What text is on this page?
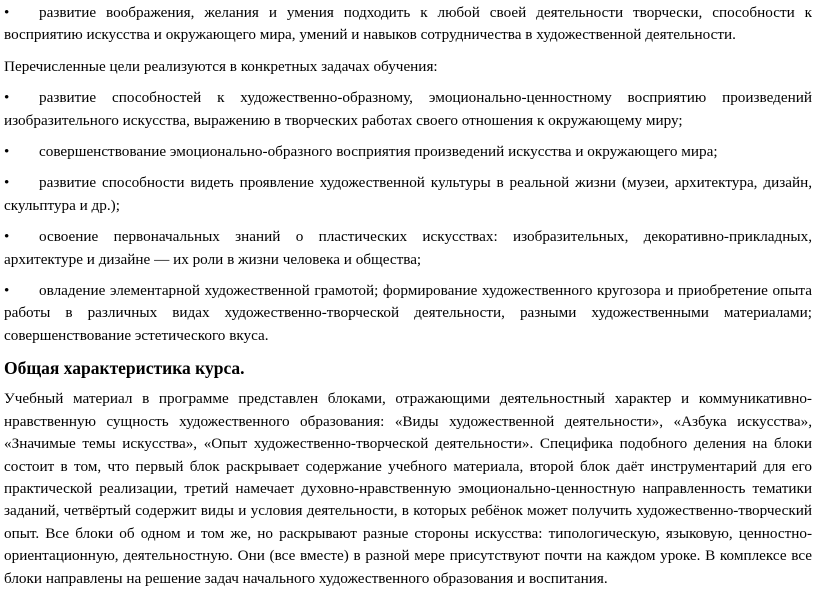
• развитие воображения, желания и умения подходить к любой своей деятельности творчески, способности к восприятию искусства и окружающего мира, умений и навыков сотрудничества в художественной деятельности.

Перечисленные цели реализуются в конкретных задачах обучения:

• развитие способностей к художественно-образному, эмоционально-ценностному восприятию произведений изобразительного искусства, выражению в творческих работах своего отношения к окружающему миру;

• совершенствование эмоционально-образного восприятия произведений искусства и окружающего мира;

• развитие способности видеть проявление художественной культуры в реальной жизни (музеи, архитектура, дизайн, скульптура и др.);

• освоение первоначальных знаний о пластических искусствах: изобразительных, декоративно-прикладных, архитектуре и дизайне — их роли в жизни человека и общества;

• овладение элементарной художественной грамотой; формирование художественного кругозора и приобретение опыта работы в различных видах художественно-творческой деятельности, разными художественными материалами; совершенствование эстетического вкуса.

Общая характеристика курса.

Учебный материал в программе представлен блоками, отражающими деятельностный характер и коммуникативно-нравственную сущность художественного образования: «Виды художественной деятельности», «Азбука искусства», «Значимые темы искусства», «Опыт художественно-творческой деятельности». Специфика подобного деления на блоки состоит в том, что первый блок раскрывает содержание учебного материала, второй блок даёт инструментарий для его практической реализации, третий намечает духовно-нравственную эмоционально-ценностную направленность тематики заданий, четвёртый содержит виды и условия деятельности, в которых ребёнок может получить художественно-творческий опыт. Все блоки об одном и том же, но раскрывают разные стороны искусства: типологическую, языковую, ценностно-ориентационную, деятельностную. Они (все вместе) в разной мере присутствуют почти на каждом уроке. В комплексе все блоки направлены на решение задач начального художественного образования и воспитания.
